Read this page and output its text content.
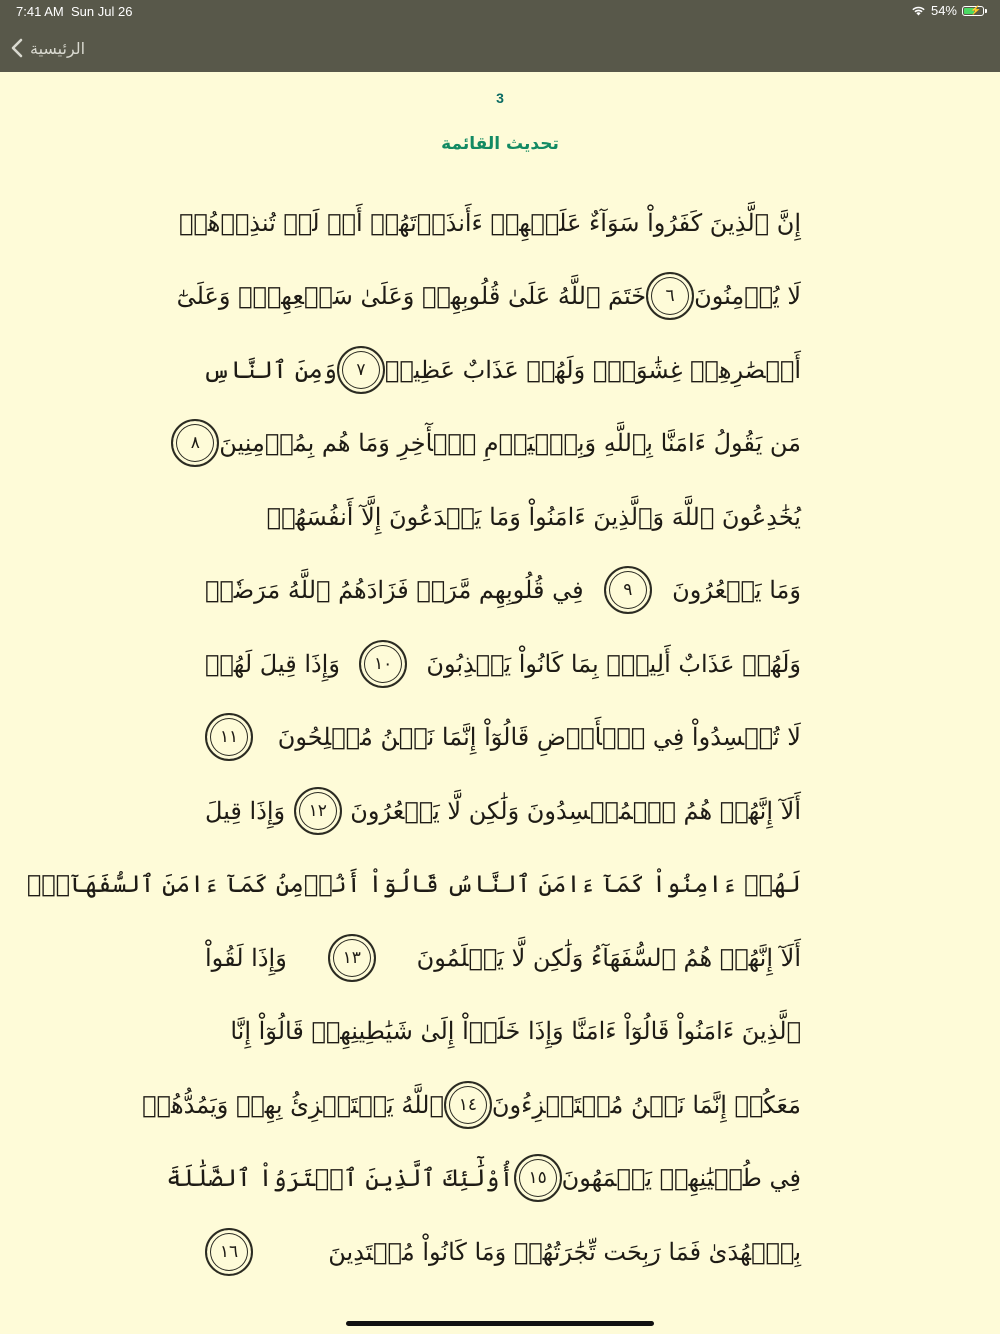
7:41 AM Sun Jul 26	54% ⚡
الرئيسية
3
تحديث القائمة
إِنَّ ٱلَّذِينَ كَفَرُواْ سَوَآءٌ عَلَيۡهِمۡ ءَأَنذَرۡتَهُمۡ أَمۡ لَمۡ تُنذِرۡهُمۡ
لَا يُؤۡمِنُونَ
٦
خَتَمَ ٱللَّهُ عَلَىٰ قُلُوبِهِمۡ وَعَلَىٰ سَمۡعِهِمۡۖ وَعَلَىٰٓ
أَبۡصَٰرِهِمۡ غِشَٰوَةٞۖ وَلَهُمۡ عَذَابٌ عَظِيمٞ
٧
وَمِنَ ٱلنَّاسِ
مَن يَقُولُ ءَامَنَّا بِٱللَّهِ وَبِٱلۡيَوۡمِ ٱلۡأٓخِرِ وَمَا هُم بِمُؤۡمِنِينَ
٨
يُخَٰدِعُونَ ٱللَّهَ وَٱلَّذِينَ ءَامَنُواْ وَمَا يَخۡدَعُونَ إِلَّآ أَنفُسَهُمۡ
وَمَا يَشۡعُرُونَ
٩
فِي قُلُوبِهِم مَّرَضٞ فَزَادَهُمُ ٱللَّهُ مَرَضٗاۖ
وَلَهُمۡ عَذَابٌ أَلِيمُۢ بِمَا كَانُواْ يَكۡذِبُونَ
١٠
وَإِذَا قِيلَ لَهُمۡ
لَا تُفۡسِدُواْ فِي ٱلۡأَرۡضِ قَالُوٓاْ إِنَّمَا نَحۡنُ مُصۡلِحُونَ
١١
أَلَآ إِنَّهُمۡ هُمُ ٱلۡمُفۡسِدُونَ وَلَٰكِن لَّا يَشۡعُرُونَ
١٢
وَإِذَا قِيلَ
لَهُمۡ ءَامِنُواْ كَمَآ ءَامَنَ ٱلنَّاسُ قَالُوٓاْ أَنُؤۡمِنُ كَمَآ ءَامَنَ ٱلسُّفَهَآءُۗ
أَلَآ إِنَّهُمۡ هُمُ ٱلسُّفَهَآءُ وَلَٰكِن لَّا يَعۡلَمُونَ
١٣
وَإِذَا لَقُواْ
ٱلَّذِينَ ءَامَنُواْ قَالُوٓاْ ءَامَنَّا وَإِذَا خَلَوۡاْ إِلَىٰ شَيَٰطِينِهِمۡ قَالُوٓاْ إِنَّا
مَعَكُمۡ إِنَّمَا نَحۡنُ مُسۡتَهۡزِءُونَ
١٤
ٱللَّهُ يَسۡتَهۡزِئُ بِهِمۡ وَيَمُدُّهُمۡ
فِي طُغۡيَٰنِهِمۡ يَعۡمَهُونَ
١٥
أُوْلَٰٓئِكَ ٱلَّذِينَ ٱشۡتَرَوُاْ ٱلضَّلَٰلَةَ
بِٱلۡهُدَىٰ فَمَا رَبِحَت تِّجَٰرَتُهُمۡ وَمَا كَانُواْ مُهۡتَدِينَ
١٦
